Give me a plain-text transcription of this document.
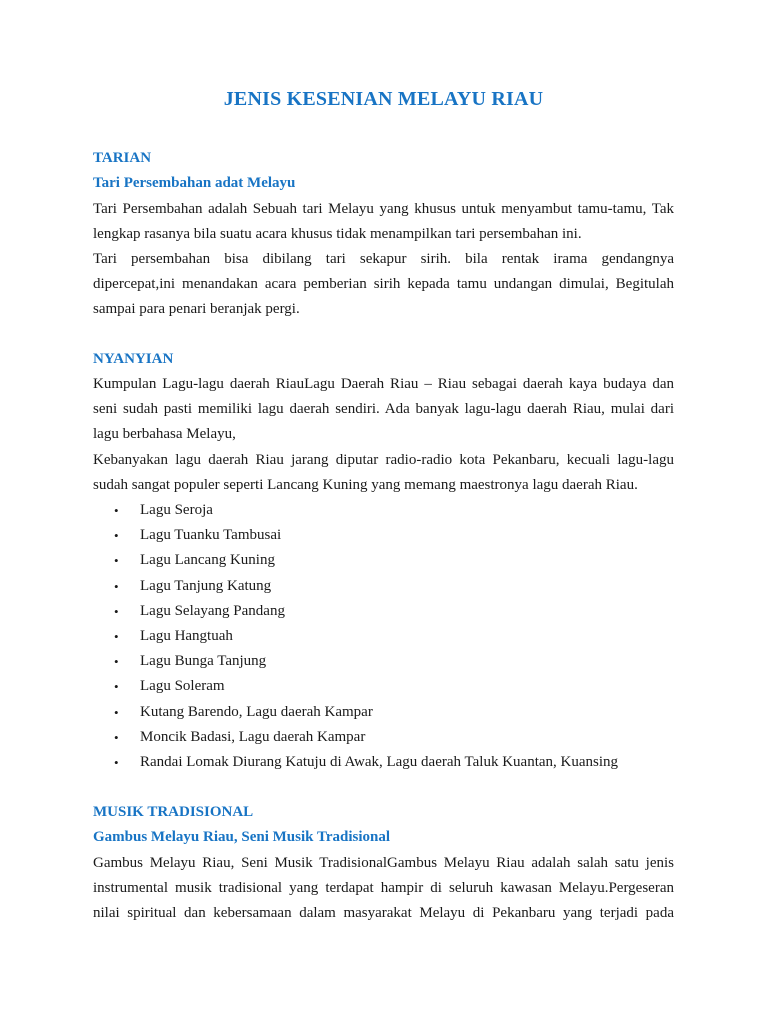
JENIS KESENIAN MELAYU RIAU
TARIAN
Tari Persembahan adat Melayu
Tari Persembahan adalah Sebuah tari Melayu yang khusus untuk menyambut tamu-tamu, Tak
lengkap rasanya bila suatu acara khusus tidak menampilkan tari persembahan ini.
Tari persembahan bisa dibilang tari sekapur sirih. bila rentak irama gendangnya
dipercepat,ini menandakan acara pemberian sirih kepada tamu undangan dimulai, Begitulah
sampai para penari beranjak pergi.
NYANYIAN
Kumpulan Lagu-lagu daerah RiauLagu Daerah Riau – Riau sebagai daerah kaya budaya dan
seni sudah pasti memiliki lagu daerah sendiri. Ada banyak lagu-lagu daerah Riau, mulai dari
lagu berbahasa Melayu,
Kebanyakan lagu daerah Riau jarang diputar radio-radio kota Pekanbaru, kecuali lagu-lagu
sudah sangat populer seperti Lancang Kuning yang memang maestronya lagu daerah Riau.
• Lagu Seroja
• Lagu Tuanku Tambusai
• Lagu Lancang Kuning
• Lagu Tanjung Katung
• Lagu Selayang Pandang
• Lagu Hangtuah
• Lagu Bunga Tanjung
• Lagu Soleram
• Kutang Barendo, Lagu daerah Kampar
• Moncik Badasi, Lagu daerah Kampar
• Randai Lomak Diurang Katuju di Awak, Lagu daerah Taluk Kuantan, Kuansing
MUSIK TRADISIONAL
Gambus Melayu Riau, Seni Musik Tradisional
Gambus Melayu Riau, Seni Musik TradisionalGambus Melayu Riau adalah salah satu jenis
instrumental musik tradisional yang terdapat hampir di seluruh kawasan Melayu.Pergeseran
nilai spiritual dan kebersamaan dalam masyarakat Melayu di Pekanbaru yang terjadi pada
